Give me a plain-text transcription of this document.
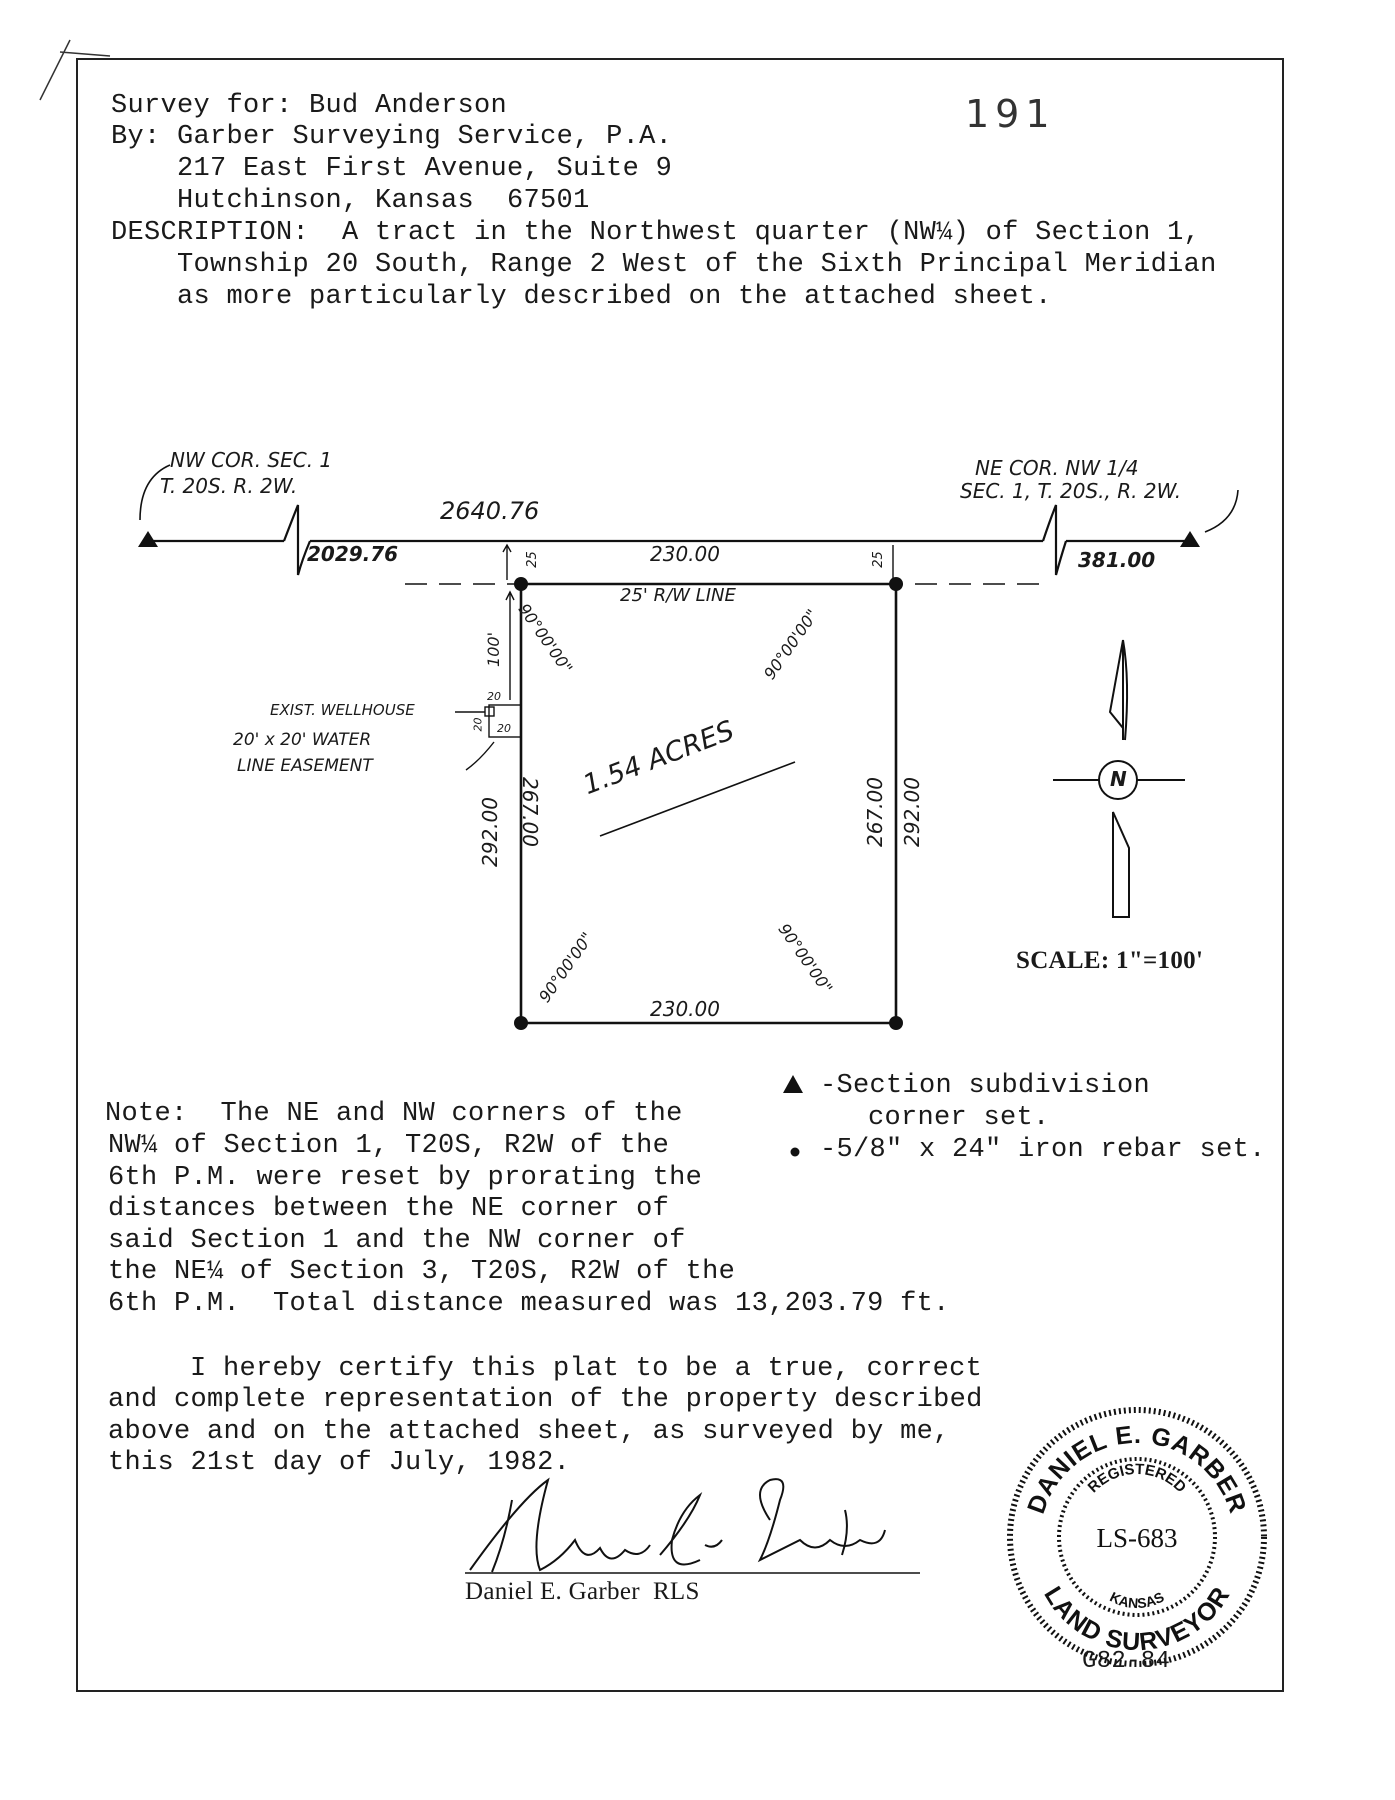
Survey for: Bud Anderson
By: Garber Surveying Service, P.A.
217 East First Avenue, Suite 9
Hutchinson, Kansas  67501
DESCRIPTION:  A tract in the Northwest quarter (NW¼) of Section 1,
Township 20 South, Range 2 West of the Sixth Principal Meridian
as more particularly described on the attached sheet.
191
NW COR. SEC. 1
T. 20S. R. 2W.
NE COR. NW 1/4
SEC. 1, T. 20S., R. 2W.
2640.76
2029.76	381.00
230.00
230.00
25	25
25' R/W LINE
90°00'00"	90°00'00"
90°00'00"	90°00'00"
100'
20
20 20
EXIST. WELLHOUSE
20' x 20' WATER
LINE EASEMENT
292.00 267.00	267.00 292.00
1.54 ACRES	N
SCALE: 1"=100'
-Section subdivision
corner set.
-5/8" x 24" iron rebar set.
Note:  The NE and NW corners of the
NW¼ of Section 1, T20S, R2W of the
6th P.M. were reset by prorating the
distances between the NE corner of
said Section 1 and the NW corner of
the NE¼ of Section 3, T20S, R2W of the
6th P.M.  Total distance measured was 13,203.79 ft.
I hereby certify this plat to be a true, correct
and complete representation of the property described
above and on the attached sheet, as surveyed by me,
this 21st day of July, 1982.
Daniel E. Garber  RLS
DANIEL E. GARBER
LAND SURVEYOR
REGISTERED
KANSAS
LS-683
G82-84
